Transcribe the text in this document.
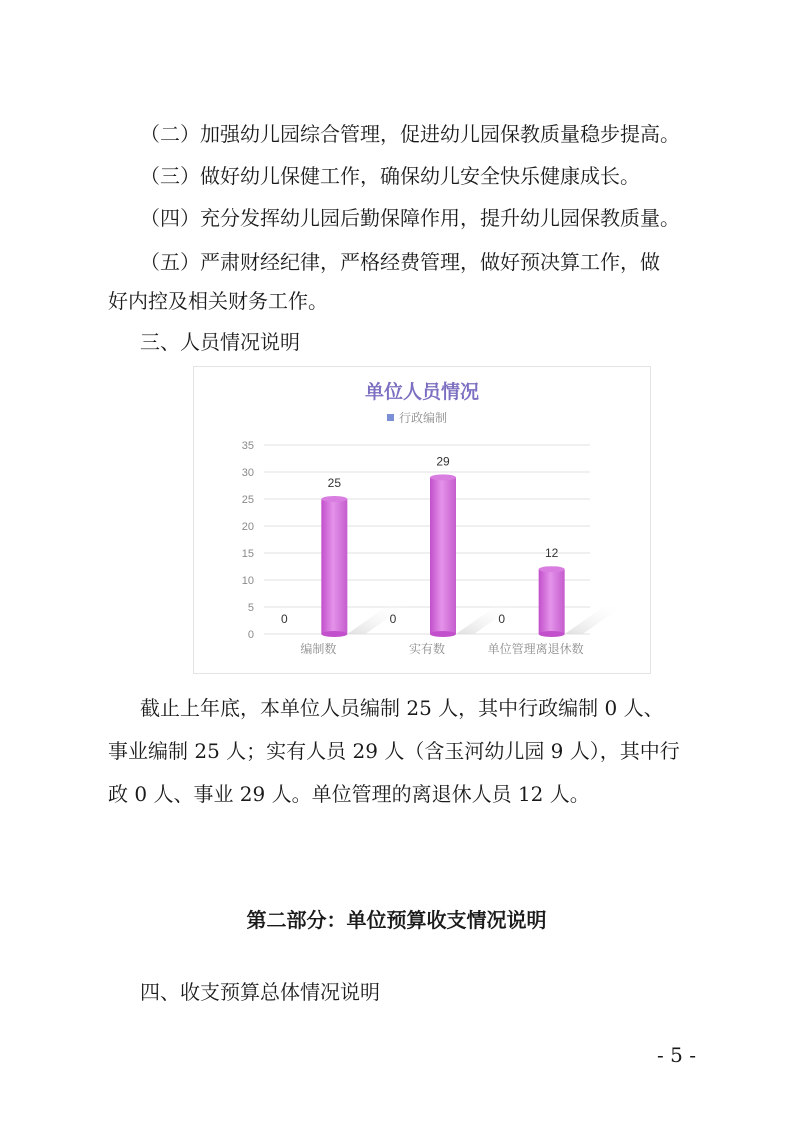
（二）加强幼儿园综合管理，促进幼儿园保教质量稳步提高。
（三）做好幼儿保健工作，确保幼儿安全快乐健康成长。
（四）充分发挥幼儿园后勤保障作用，提升幼儿园保教质量。
（五）严肃财经纪律，严格经费管理，做好预决算工作，做
好内控及相关财务工作。
三、人员情况说明
单位人员情况
行政编制
0
5
10
15
20
25
30
35
编制数
0
25
实有数
0
29
单位管理离退休数
0
12
截止上年底，本单位人员编制 25 人，其中行政编制 0 人、
事业编制 25 人；实有人员 29 人（含玉河幼儿园 9 人），其中行
政 0 人、事业 29 人。单位管理的离退休人员 12 人。
第二部分：单位预算收支情况说明
四、收支预算总体情况说明
- 5 -
